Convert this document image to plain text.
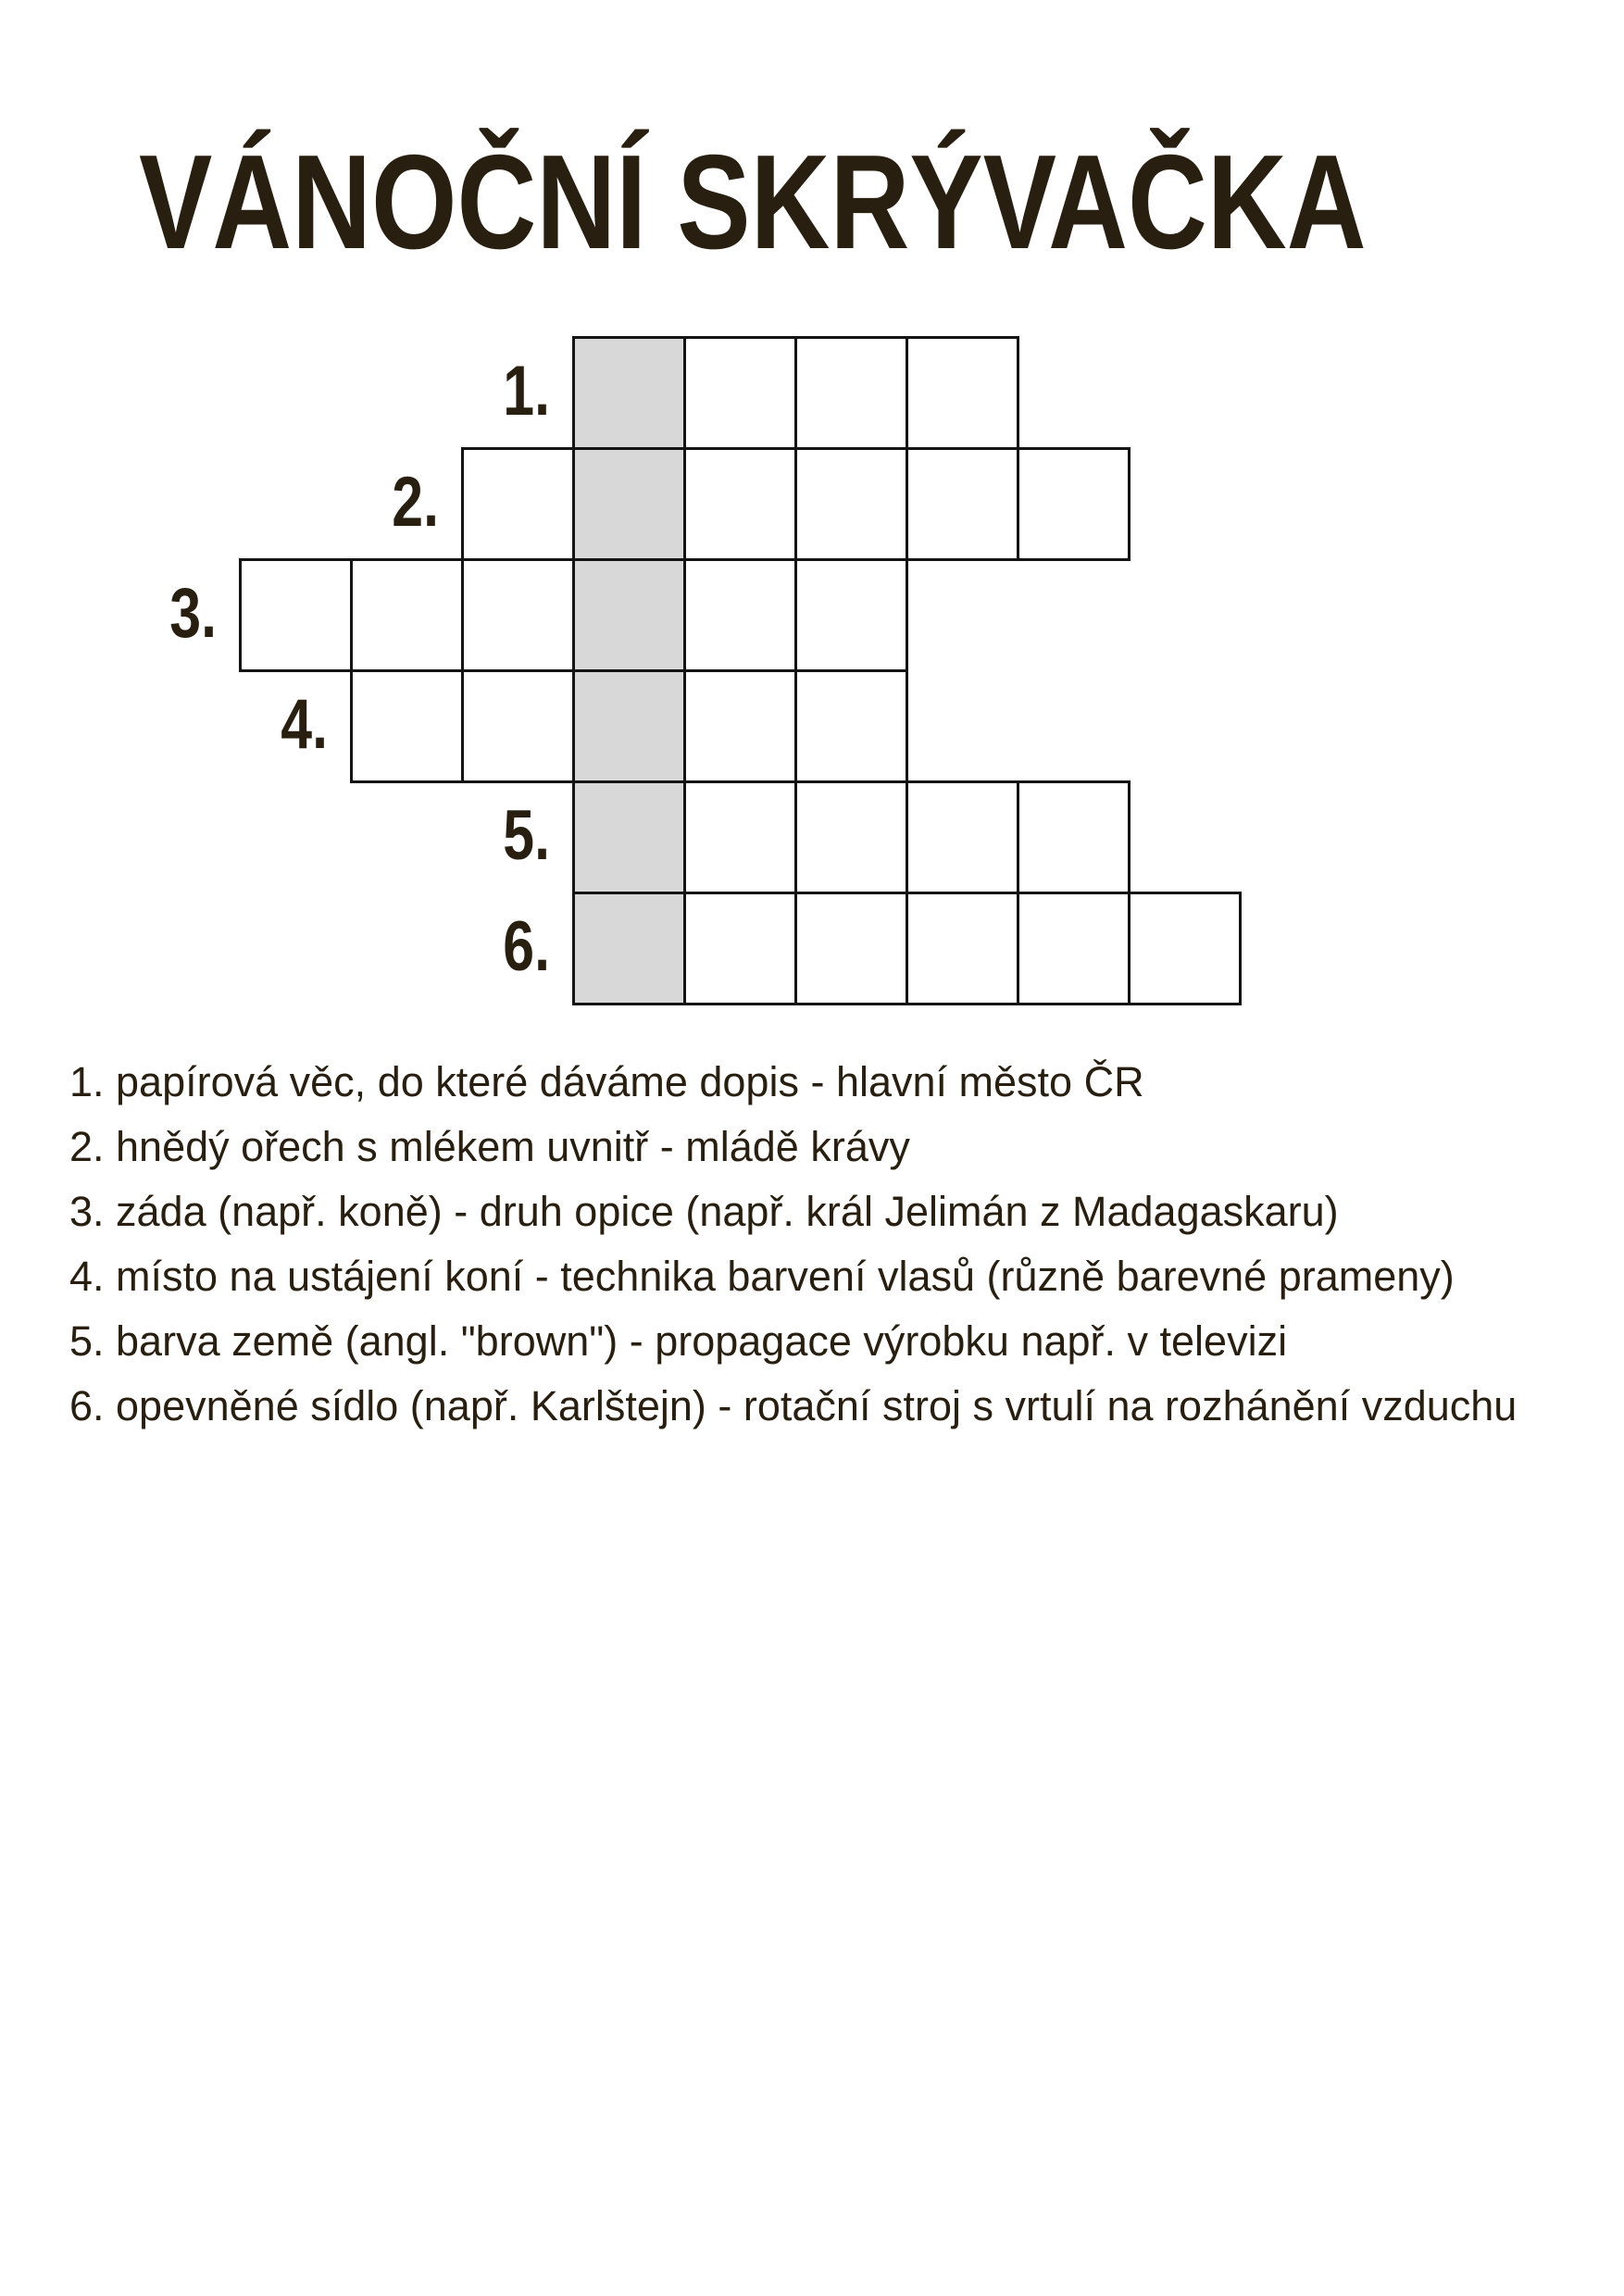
VÁNOČNÍ SKRÝVAČKA
1.
2.
3.
4.
5.
6.
1. papírová věc, do které dáváme dopis - hlavní město ČR
2. hnědý ořech s mlékem uvnitř - mládě krávy
3. záda (např. koně) - druh opice (např. král Jelimán z Madagaskaru)
4. místo na ustájení koní - technika barvení vlasů (různě barevné prameny)
5. barva země (angl. "brown") - propagace výrobku např. v televizi
6. opevněné sídlo (např. Karlštejn) - rotační stroj s vrtulí na rozhánění vzduchu
